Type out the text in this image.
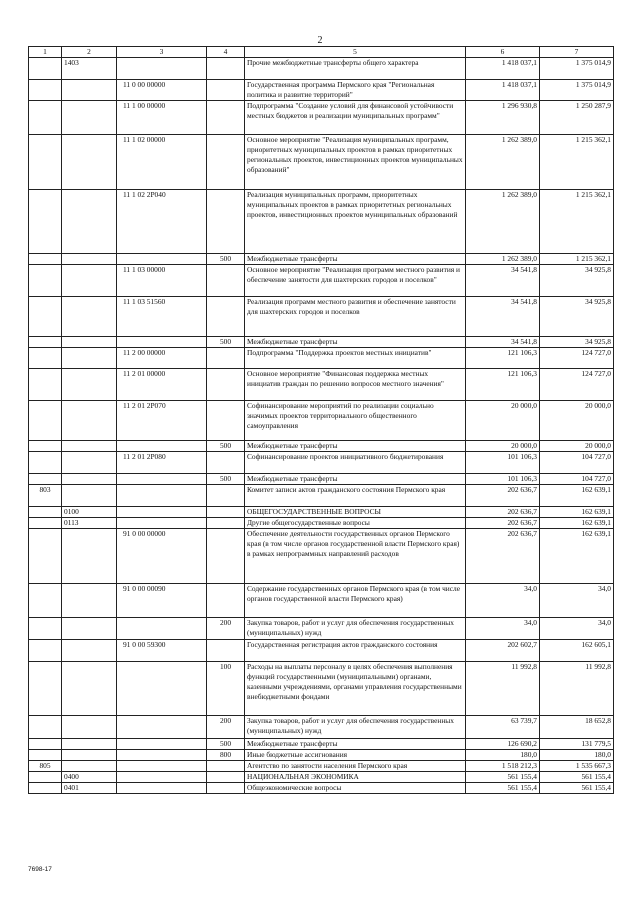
2
1	2	3	4	5	6	7
	1403			Прочие межбюджетные трансферты общего характера	1 418 037,1	1 375 014,9
		11 0 00 00000		Государственная программа Пермского края "Региональная политика и развитие территорий"	1 418 037,1	1 375 014,9
		11 1 00 00000		Подпрограмма "Создание условий для финансовой устойчивости местных бюджетов и реализации муниципальных программ"	1 296 930,8	1 250 287,9
		11 1 02 00000		Основное мероприятие "Реализация муниципальных программ, приоритетных муниципальных проектов в рамках приоритетных региональных проектов, инвестиционных проектов муниципальных образований"	1 262 389,0	1 215 362,1
		11 1 02 2P040		Реализация муниципальных программ, приоритетных муниципальных проектов в рамках приоритетных региональных проектов, инвестиционных проектов муниципальных образований	1 262 389,0	1 215 362,1
			500	Межбюджетные трансферты	1 262 389,0	1 215 362,1
		11 1 03 00000		Основное мероприятие "Реализация программ местного развития и обеспечение занятости для шахтерских городов и поселков"	34 541,8	34 925,8
		11 1 03 51560		Реализация программ местного развития и обеспечение занятости для шахтерских городов и поселков	34 541,8	34 925,8
			500	Межбюджетные трансферты	34 541,8	34 925,8
		11 2 00 00000		Подпрограмма "Поддержка проектов местных инициатив"	121 106,3	124 727,0
		11 2 01 00000		Основное мероприятие "Финансовая поддержка местных инициатив граждан по решению вопросов местного значения"	121 106,3	124 727,0
		11 2 01 2P070		Софинансирование мероприятий по реализации социально значимых проектов территориального общественного самоуправления	20 000,0	20 000,0
			500	Межбюджетные трансферты	20 000,0	20 000,0
		11 2 01 2P080		Софинансирование проектов инициативного бюджетирования	101 106,3	104 727,0
			500	Межбюджетные трансферты	101 106,3	104 727,0
803				Комитет записи актов гражданского состояния Пермского края	202 636,7	162 639,1
	0100			ОБЩЕГОСУДАРСТВЕННЫЕ ВОПРОСЫ	202 636,7	162 639,1
	0113			Другие общегосударственные вопросы	202 636,7	162 639,1
		91 0 00 00000		Обеспечение деятельности государственных органов Пермского края (в том числе органов государственной власти Пермского края) в рамках непрограммных направлений расходов	202 636,7	162 639,1
		91 0 00 00090		Содержание государственных органов Пермского края (в том числе органов государственной власти Пермского края)	34,0	34,0
			200	Закупка товаров, работ и услуг для обеспечения государственных (муниципальных) нужд	34,0	34,0
		91 0 00 59300		Государственная регистрация актов гражданского состояния	202 602,7	162 605,1
			100	Расходы на выплаты персоналу в целях обеспечения выполнения функций государственными (муниципальными) органами, казенными учреждениями, органами управления государственными внебюджетными фондами	11 992,8	11 992,8
			200	Закупка товаров, работ и услуг для обеспечения государственных (муниципальных) нужд	63 739,7	18 652,8
			500	Межбюджетные трансферты	126 690,2	131 779,5
			800	Иные бюджетные ассигнования	180,0	180,0
805				Агентство по занятости населения Пермского края	1 518 212,3	1 535 667,3
	0400			НАЦИОНАЛЬНАЯ ЭКОНОМИКА	561 155,4	561 155,4
	0401			Общеэкономические вопросы	561 155,4	561 155,4
7698-17
